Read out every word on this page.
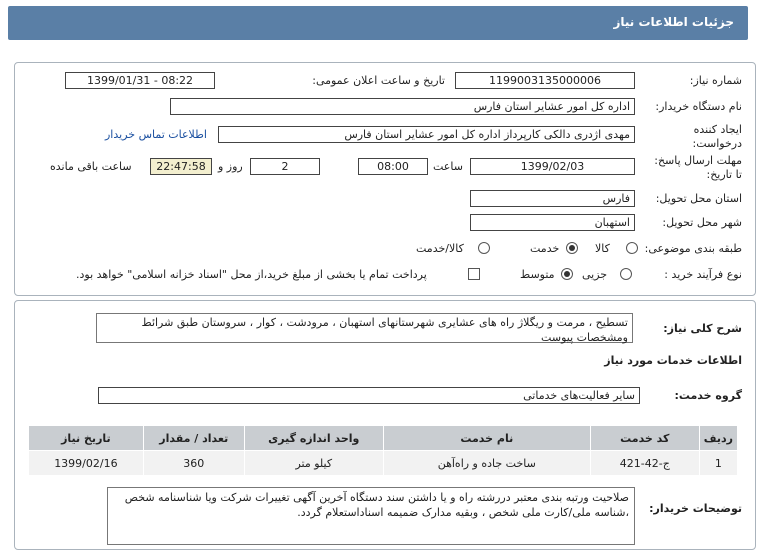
جزئیات اطلاعات نیاز
شماره نیاز:
1199003135000006
تاریخ و ساعت اعلان عمومی:
1399/01/31 - 08:22
نام دستگاه خریدار:
اداره کل امور عشایر استان فارس
ایجاد کننده
درخواست:
مهدی اژدری دالکی کارپرداز اداره کل امور عشایر استان فارس
اطلاعات تماس خریدار
مهلت ارسال پاسخ:
تا تاریخ:
1399/02/03
ساعت
08:00
2
روز و
22:47:58
ساعت باقی مانده
استان محل تحویل:
فارس
شهر محل تحویل:
استهبان
طبقه بندی موضوعی:
کالا
خدمت
کالا/خدمت
نوع فرآیند خرید :
جزیی
متوسط
پرداخت تمام یا بخشی از مبلغ خرید،از محل "اسناد خزانه اسلامی" خواهد بود.
شرح کلی نیاز:
تسطیح ، مرمت و ریگلاژ راه های عشایری شهرستانهای استهبان ، مرودشت ، کوار ، سروستان طبق شرائط ومشخصات پیوست
اطلاعات خدمات مورد نیاز
گروه خدمت:
سایر فعالیت‌های خدماتی
ردیف	کد خدمت	نام خدمت	واحد اندازه گیری	تعداد / مقدار	تاریخ نیاز
1	ج-42-421	ساخت جاده و راه‌آهن	کیلو متر	360	1399/02/16
توضیحات خریدار:
صلاحیت ورتبه بندی معتبر دررشته راه و یا داشتن سند دستگاه آخرین آگهی تغییرات شرکت ویا شناسنامه شخص ،شناسه ملی/کارت ملی شخص ، وبقیه مدارک ضمیمه اسناداستعلام گردد.
